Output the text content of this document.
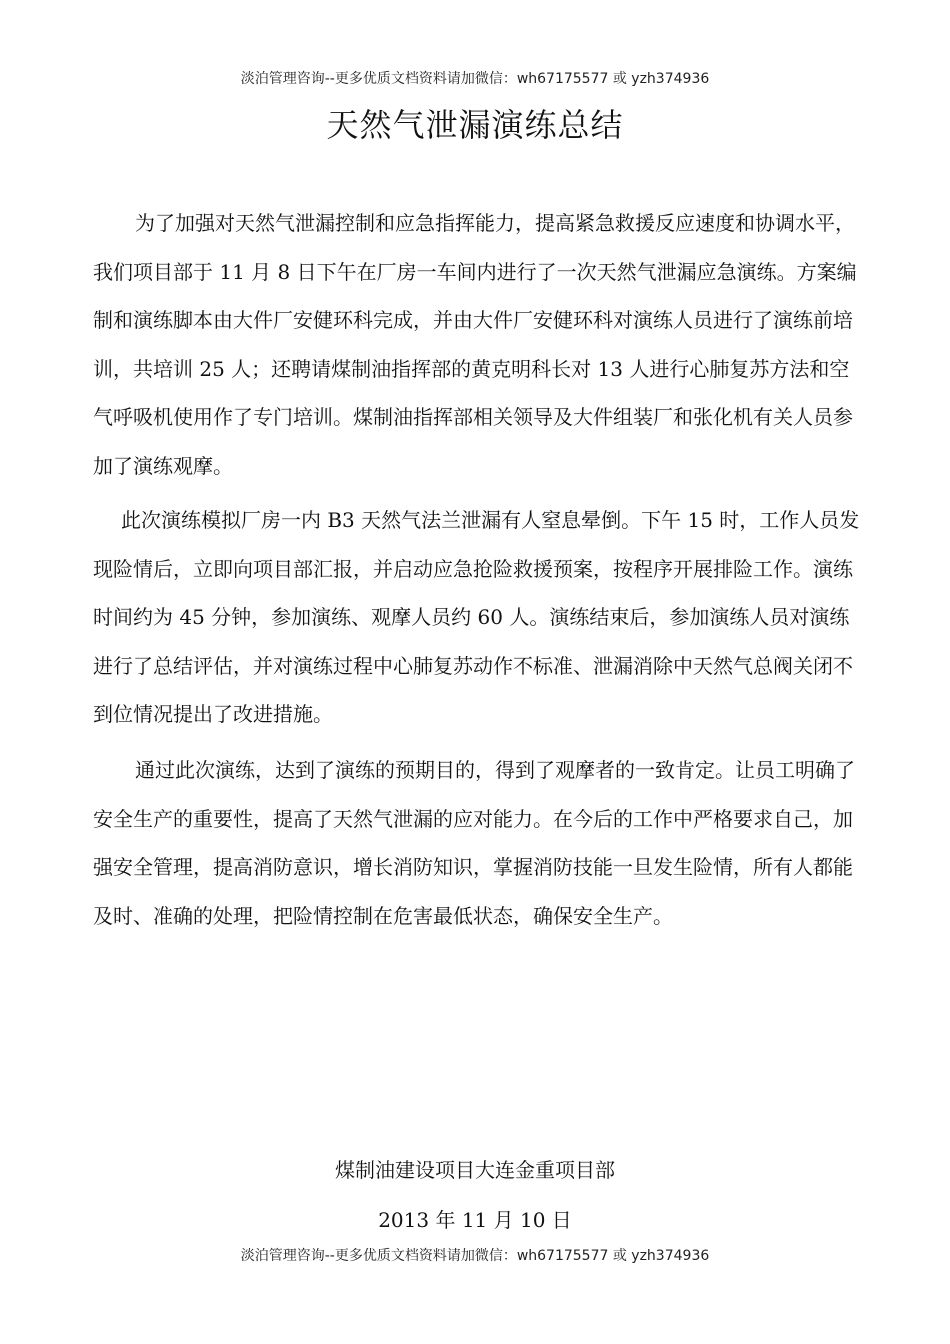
淡泊管理咨询--更多优质文档资料请加微信：wh67175577 或 yzh374936
天然气泄漏演练总结

为了加强对天然气泄漏控制和应急指挥能力，提高紧急救援反应速度和协调水平，我们项目部于 11 月 8 日下午在厂房一车间内进行了一次天然气泄漏应急演练。方案编制和演练脚本由大件厂安健环科完成，并由大件厂安健环科对演练人员进行了演练前培训，共培训 25 人；还聘请煤制油指挥部的黄克明科长对 13 人进行心肺复苏方法和空气呼吸机使用作了专门培训。煤制油指挥部相关领导及大件组装厂和张化机有关人员参加了演练观摩。

此次演练模拟厂房一内 B3 天然气法兰泄漏有人窒息晕倒。下午 15 时，工作人员发现险情后，立即向项目部汇报，并启动应急抢险救援预案，按程序开展排险工作。演练时间约为 45 分钟，参加演练、观摩人员约 60 人。演练结束后，参加演练人员对演练进行了总结评估，并对演练过程中心肺复苏动作不标准、泄漏消除中天然气总阀关闭不到位情况提出了改进措施。

通过此次演练，达到了演练的预期目的，得到了观摩者的一致肯定。让员工明确了安全生产的重要性，提高了天然气泄漏的应对能力。在今后的工作中严格要求自己，加强安全管理，提高消防意识，增长消防知识，掌握消防技能一旦发生险情，所有人都能及时、准确的处理，把险情控制在危害最低状态，确保安全生产。

煤制油建设项目大连金重项目部
2013 年 11 月 10 日
淡泊管理咨询--更多优质文档资料请加微信：wh67175577 或 yzh374936
